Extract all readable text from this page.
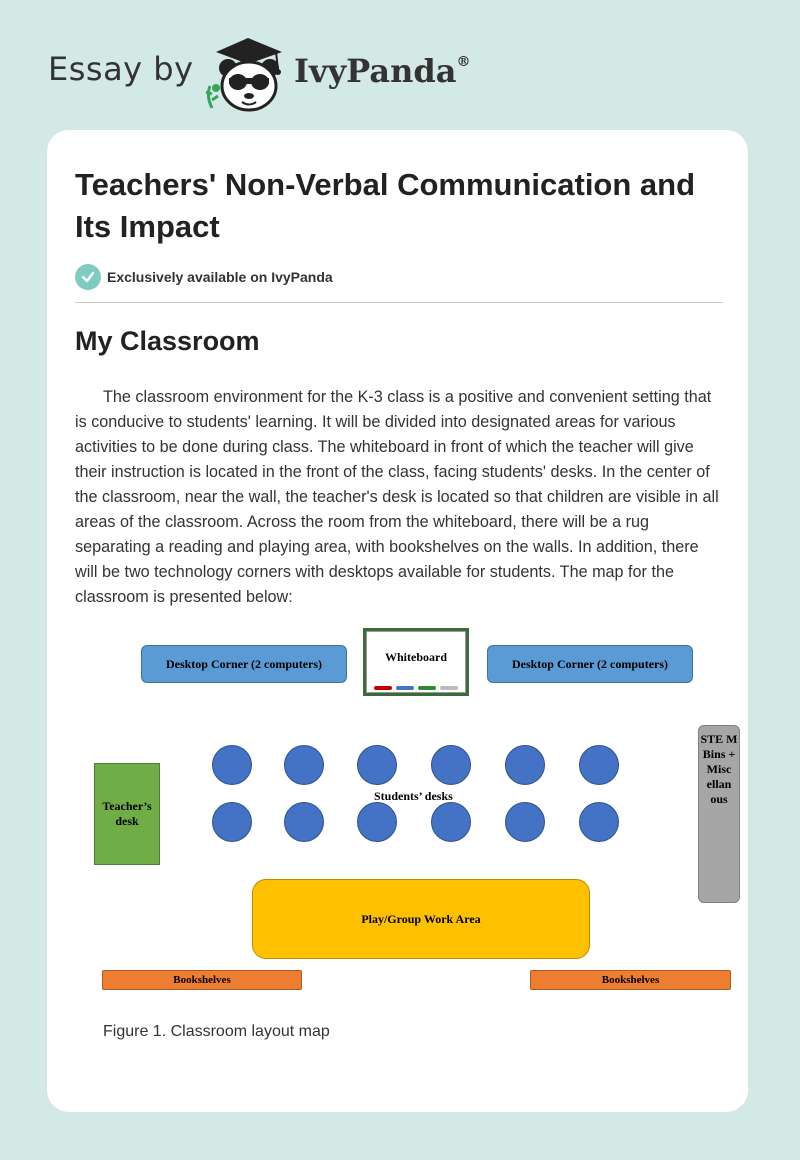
Essay by	IvyPanda®
Teachers' Non-Verbal Communication and Its Impact
Exclusively available on IvyPanda
My Classroom

The classroom environment for the K-3 class is a positive and convenient setting that is conducive to students' learning. It will be divided into designated areas for various activities to be done during class. The whiteboard in front of which the teacher will give their instruction is located in the front of the class, facing students' desks. In the center of the classroom, near the wall, the teacher's desk is located so that children are visible in all areas of the classroom. Across the room from the whiteboard, there will be a rug separating a reading and playing area, with bookshelves on the walls. In addition, there will be two technology corners with desktops available for students. The map for the classroom is presented below:

Desktop Corner (2 computers)	Whiteboard	Desktop Corner (2 computers)
Teacher’s desk
STE M Bins + Misc ellan ous
Students’ desks
Play/Group Work Area
Bookshelves	Bookshelves
Figure 1. Classroom layout map
